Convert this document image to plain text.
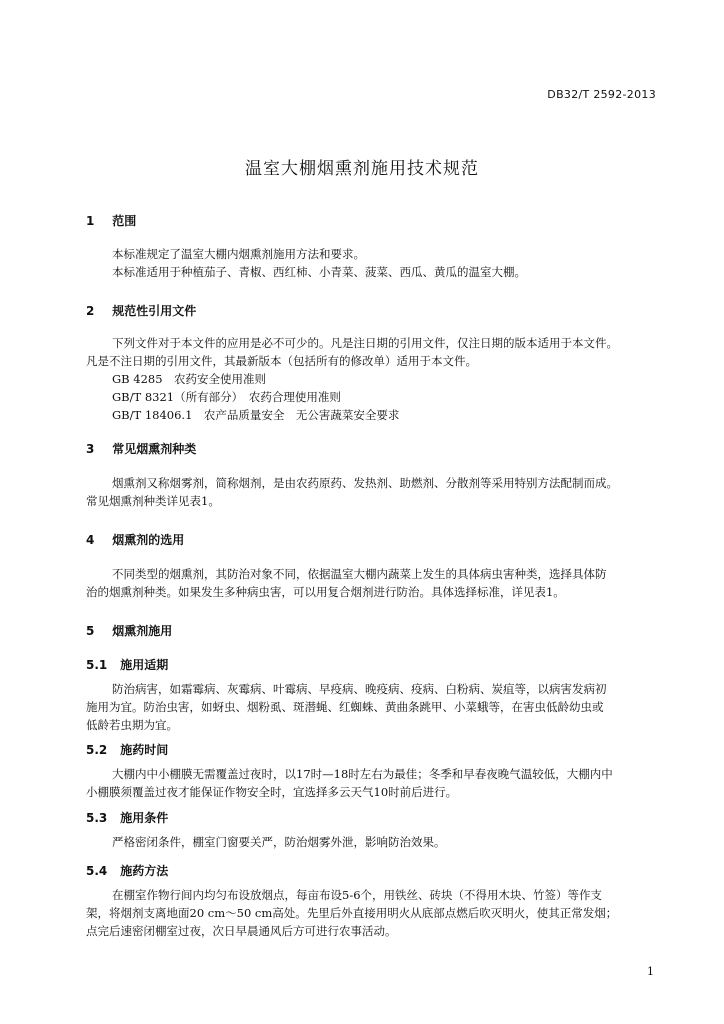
DB32/T 2592-2013
温室大棚烟熏剂施用技术规范
1 范围
本标准规定了温室大棚内烟熏剂施用方法和要求。
本标准适用于种植茄子、青椒、西红柿、小青菜、菠菜、西瓜、黄瓜的温室大棚。
2 规范性引用文件
下列文件对于本文件的应用是必不可少的。凡是注日期的引用文件，仅注日期的版本适用于本文件。
凡是不注日期的引用文件，其最新版本（包括所有的修改单）适用于本文件。
GB 4285　农药安全使用准则
GB/T 8321（所有部分）　农药合理使用准则
GB/T 18406.1　农产品质量安全　无公害蔬菜安全要求
3 常见烟熏剂种类
烟熏剂又称烟雾剂，简称烟剂，是由农药原药、发热剂、助燃剂、分散剂等采用特别方法配制而成。
常见烟熏剂种类详见表1。
4 烟熏剂的选用
不同类型的烟熏剂，其防治对象不同，依据温室大棚内蔬菜上发生的具体病虫害种类，选择具体防
治的烟熏剂种类。如果发生多种病虫害，可以用复合烟剂进行防治。具体选择标准，详见表1。
5 烟熏剂施用
5.1 施用适期
防治病害，如霜霉病、灰霉病、叶霉病、早疫病、晚疫病、疫病、白粉病、炭疽等，以病害发病初
施用为宜。防治虫害，如蚜虫、烟粉虱、斑潜蝇、红蜘蛛、黄曲条跳甲、小菜蛾等，在害虫低龄幼虫或
低龄若虫期为宜。
5.2 施药时间
大棚内中小棚膜无需覆盖过夜时，以17时—18时左右为最佳；冬季和早春夜晚气温较低，大棚内中
小棚膜须覆盖过夜才能保证作物安全时，宜选择多云天气10时前后进行。
5.3 施用条件
严格密闭条件，棚室门窗要关严，防治烟雾外泄，影响防治效果。
5.4 施药方法
在棚室作物行间内均匀布设放烟点，每亩布设5-6个，用铁丝、砖块（不得用木块、竹签）等作支
架，将烟剂支离地面20 cm～50 cm高处。先里后外直接用明火从底部点燃后吹灭明火，使其正常发烟；
点完后速密闭棚室过夜，次日早晨通风后方可进行农事活动。
1
